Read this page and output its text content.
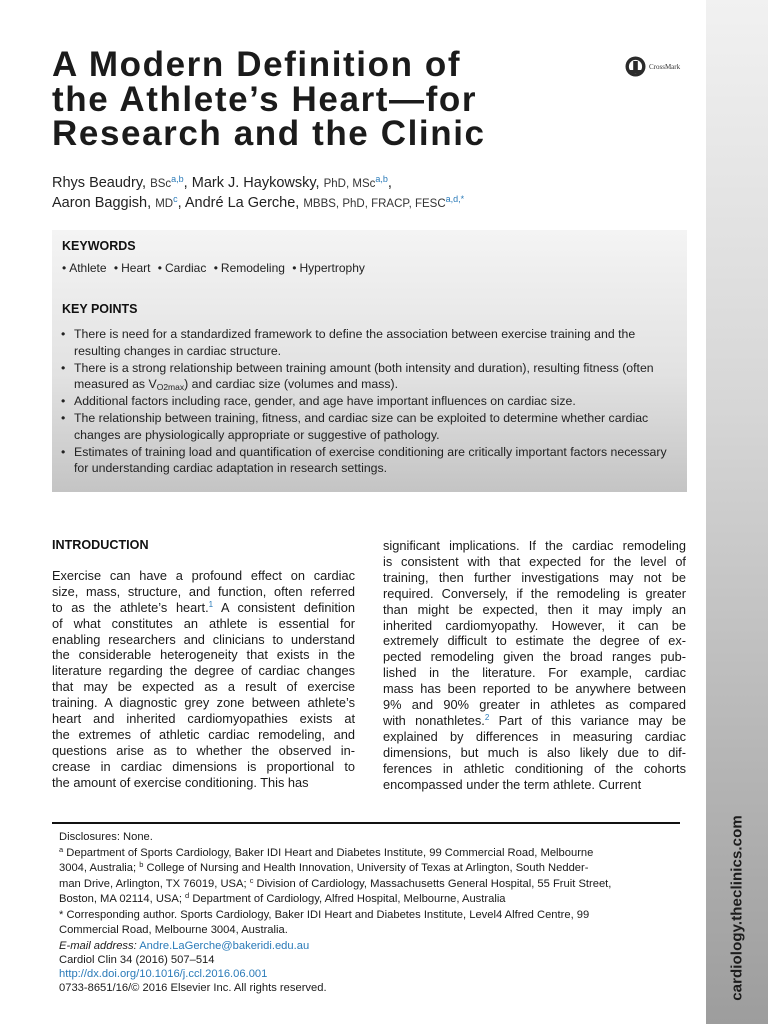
cardiology.theclinics.com
A Modern Definition of
the Athlete’s Heart—for
Research and the Clinic
CrossMark
Rhys Beaudry, BSc$^{a,b}$, Mark J. Haykowsky, PhD, MSc$^{a,b}$,
Aaron Baggish, $MD^c$, André La Gerche, MBBS, PhD, FRACP, $FESC^{a,d,*}$
KEYWORDS
• Athlete • Heart • Cardiac • Remodeling • Hypertrophy
KEY POINTS
• There is need for a standardized framework to define the association between exercise training and the resulting changes in cardiac structure.
• There is a strong relationship between training amount (both intensity and duration), resulting fitness (often measured as $V_{O2max}$) and cardiac size (volumes and mass).
• Additional factors including race, gender, and age have important influences on cardiac size.
• The relationship between training, fitness, and cardiac size can be exploited to determine whether cardiac changes are physiologically appropriate or suggestive of pathology.
• Estimates of training load and quantification of exercise conditioning are critically important factors necessary for understanding cardiac adaptation in research settings.
INTRODUCTION

Exercise can have a profound effect on cardiac
size, mass, structure, and function, often referred
to as the athlete’s heart.$^1$ A consistent definition
of what constitutes an athlete is essential for
enabling researchers and clinicians to understand
the considerable heterogeneity that exists in the
literature regarding the degree of cardiac changes
that may be expected as a result of exercise
training. A diagnostic grey zone between athlete’s
heart and inherited cardiomyopathies exists at
the extremes of athletic cardiac remodeling, and
questions arise as to whether the observed in-
crease in cardiac dimensions is proportional to
the amount of exercise conditioning. This has

significant implications. If the cardiac remodeling
is consistent with that expected for the level of
training, then further investigations may not be
required. Conversely, if the remodeling is greater
than might be expected, then it may imply an
inherited cardiomyopathy. However, it can be
extremely difficult to estimate the degree of ex-
pected remodeling given the broad ranges pub-
lished in the literature. For example, cardiac
mass has been reported to be anywhere between
9% and 90% greater in athletes as compared
with nonathletes.$^2$ Part of this variance may be
explained by differences in measuring cardiac
dimensions, but much is also likely due to dif-
ferences in athletic conditioning of the cohorts
encompassed under the term athlete. Current

Disclosures: None.
$^a$ Department of Sports Cardiology, Baker IDI Heart and Diabetes Institute, 99 Commercial Road, Melbourne
3004, Australia; $^b$ College of Nursing and Health Innovation, University of Texas at Arlington, South Nedder-
man Drive, Arlington, TX 76019, USA; $^c$ Division of Cardiology, Massachusetts General Hospital, 55 Fruit Street,
Boston, MA 02114, USA; $^d$ Department of Cardiology, Alfred Hospital, Melbourne, Australia
* Corresponding author. Sports Cardiology, Baker IDI Heart and Diabetes Institute, Level4 Alfred Centre, 99
Commercial Road, Melbourne 3004, Australia.
E-mail address: Andre.LaGerche@bakeridi.edu.au
Cardiol Clin 34 (2016) 507–514
http://dx.doi.org/10.1016/j.ccl.2016.06.001
0733-8651/16/© 2016 Elsevier Inc. All rights reserved.
